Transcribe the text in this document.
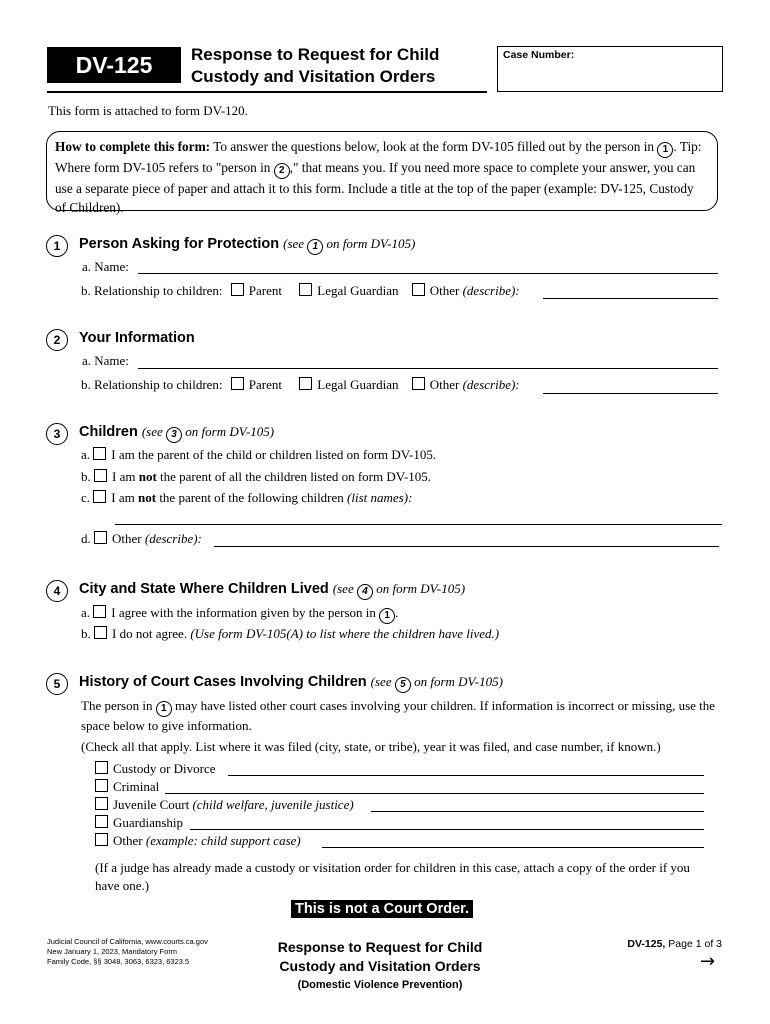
DV-125 Response to Request for Child
Custody and Visitation Orders
Case Number:
This form is attached to form DV-120.
How to complete this form: To answer the questions below, look at the form DV-105 filled out by the person in 1 . Tip: Where form DV-105 refers to "person in 2 ," that means you. If you need more space to complete your answer, you can use a separate piece of paper and attach it to this form. Include a title at the top of the paper (example: DV-125, Custody of Children).
1	Person Asking for Protection (see 1 on form DV-105)
a. Name:
b. Relationship to children: Parent	Legal Guardian Other (describe):
2	Your Information
a. Name:
b. Relationship to children: Parent	Legal Guardian Other (describe):
3	Children (see 3 on form DV-105)
a. I am the parent of the child or children listed on form DV-105.
b. I am not the parent of all the children listed on form DV-105.
c. I am not the parent of the following children (list names):
d. Other (describe):
4	City and State Where Children Lived (see 4 on form DV-105)
a. I agree with the information given by the person in 1 .
b. I do not agree. (Use form DV-105(A) to list where the children have lived.)
5	History of Court Cases Involving Children (see 5 on form DV-105)
The person in 1 may have listed other court cases involving your children. If information is incorrect or missing, use the space below to give information.
(Check all that apply. List where it was filed (city, state, or tribe), year it was filed, and case number, if known.)
Custody or Divorce
Criminal
Juvenile Court (child welfare, juvenile justice)
Guardianship
Other (example: child support case)
(If a judge has already made a custody or visitation order for children in this case, attach a copy of the order if you have one.)
This is not a Court Order.
Judicial Council of California, www.courts.ca.gov
New January 1, 2023, Mandatory Form
Family Code, §§ 3048, 3063, 6323, 6323.5
Response to Request for Child
Custody and Visitation Orders
(Domestic Violence Prevention)
DV-125, Page 1 of 3
→
